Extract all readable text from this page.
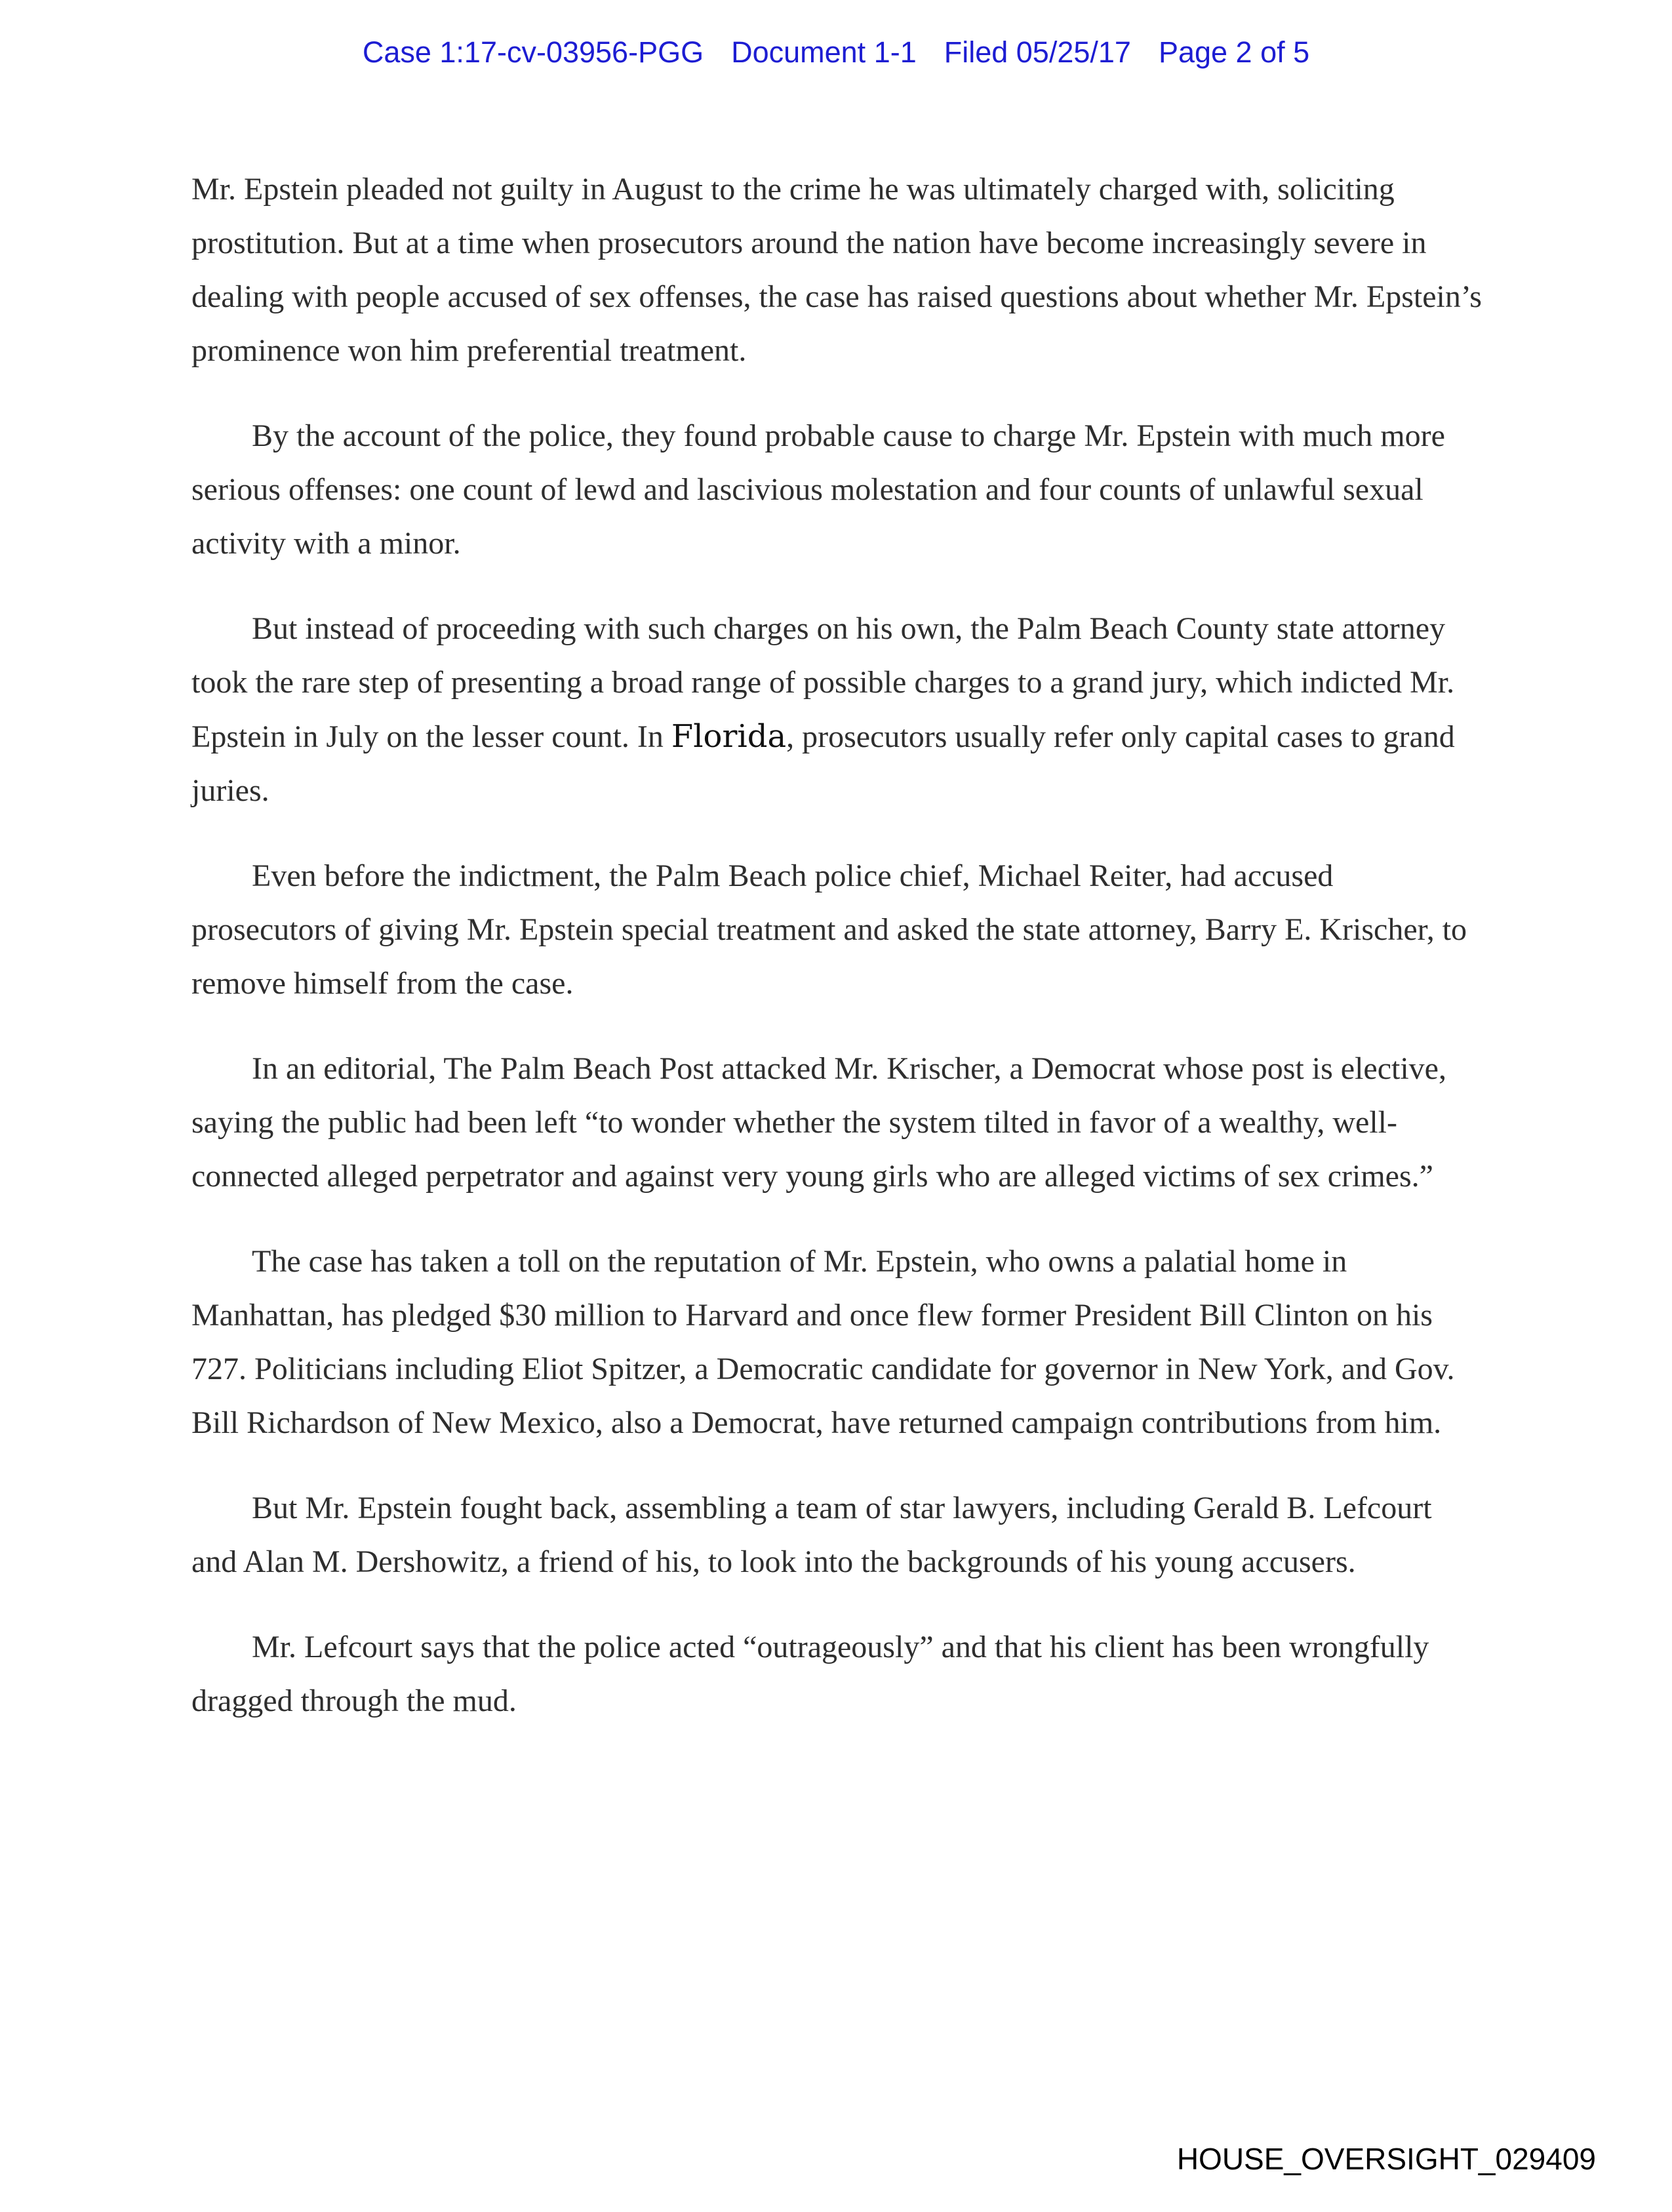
Case 1:17-cv-03956-PGG Document 1-1 Filed 05/25/17 Page 2 of 5

Mr. Epstein pleaded not guilty in August to the crime he was ultimately charged with, soliciting prostitution. But at a time when prosecutors around the nation have become increasingly severe in dealing with people accused of sex offenses, the case has raised questions about whether Mr. Epstein’s prominence won him preferential treatment.

By the account of the police, they found probable cause to charge Mr. Epstein with much more serious offenses: one count of lewd and lascivious molestation and four counts of unlawful sexual activity with a minor.

But instead of proceeding with such charges on his own, the Palm Beach County state attorney took the rare step of presenting a broad range of possible charges to a grand jury, which indicted Mr. Epstein in July on the lesser count. In Florida, prosecutors usually refer only capital cases to grand juries.

Even before the indictment, the Palm Beach police chief, Michael Reiter, had accused prosecutors of giving Mr. Epstein special treatment and asked the state attorney, Barry E. Krischer, to remove himself from the case.

In an editorial, The Palm Beach Post attacked Mr. Krischer, a Democrat whose post is elective, saying the public had been left “to wonder whether the system tilted in favor of a wealthy, well-connected alleged perpetrator and against very young girls who are alleged victims of sex crimes.”

The case has taken a toll on the reputation of Mr. Epstein, who owns a palatial home in Manhattan, has pledged $30 million to Harvard and once flew former President Bill Clinton on his 727. Politicians including Eliot Spitzer, a Democratic candidate for governor in New York, and Gov. Bill Richardson of New Mexico, also a Democrat, have returned campaign contributions from him.

But Mr. Epstein fought back, assembling a team of star lawyers, including Gerald B. Lefcourt and Alan M. Dershowitz, a friend of his, to look into the backgrounds of his young accusers.

Mr. Lefcourt says that the police acted “outrageously” and that his client has been wrongfully dragged through the mud.

HOUSE_OVERSIGHT_029409
